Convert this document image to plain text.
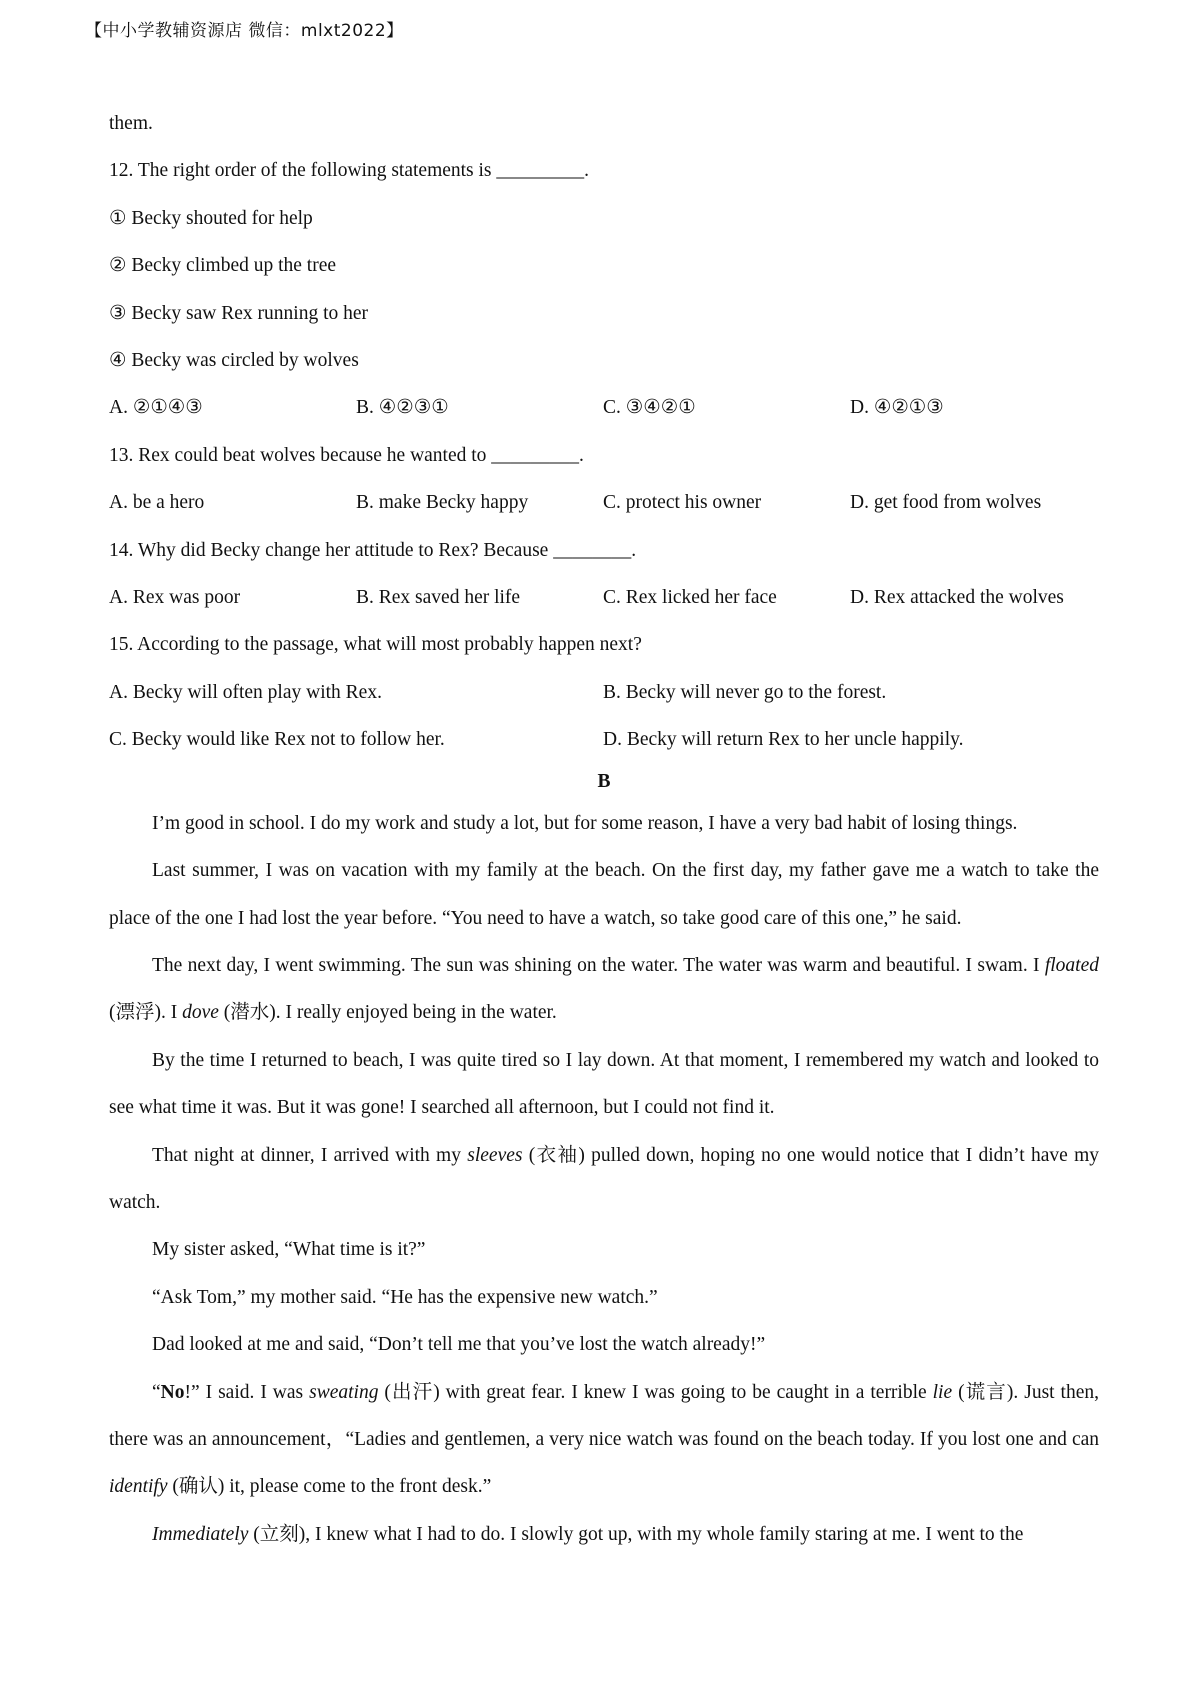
【中小学教辅资源店 微信：mlxt2022】

them.

12. The right order of the following statements is _________.

① Becky shouted for help

② Becky climbed up the tree

③ Becky saw Rex running to her

④ Becky was circled by wolves

A. ②①④③	B. ④②③①	C. ③④②①	D. ④②①③

13. Rex could beat wolves because he wanted to _________.

A. be a hero	B. make Becky happy	C. protect his owner	D. get food from wolves

14. Why did Becky change her attitude to Rex? Because ________.

A. Rex was poor	B. Rex saved her life	C. Rex licked her face	D. Rex attacked the wolves

15. According to the passage, what will most probably happen next?

A. Becky will often play with Rex.	B. Becky will never go to the forest.
C. Becky would like Rex not to follow her.	D. Becky will return Rex to her uncle happily.

B

I’m good in school. I do my work and study a lot, but for some reason, I have a very bad habit of losing things.

Last summer, I was on vacation with my family at the beach. On the first day, my father gave me a watch to take the place of the one I had lost the year before. “You need to have a watch, so take good care of this one,” he said.

The next day, I went swimming. The sun was shining on the water. The water was warm and beautiful. I swam. I floated (漂浮). I dove (潜水). I really enjoyed being in the water.

By the time I returned to beach, I was quite tired so I lay down. At that moment, I remembered my watch and looked to see what time it was. But it was gone! I searched all afternoon, but I could not find it.

That night at dinner, I arrived with my sleeves (衣袖) pulled down, hoping no one would notice that I didn’t have my watch.

My sister asked, “What time is it?”

“Ask Tom,” my mother said. “He has the expensive new watch.”

Dad looked at me and said, “Don’t tell me that you’ve lost the watch already!”

“No!” I said. I was sweating (出汗) with great fear. I knew I was going to be caught in a terrible lie (谎言). Just then, there was an announcement，“Ladies and gentlemen, a very nice watch was found on the beach today. If you lost one and can identify (确认) it, please come to the front desk.”

Immediately (立刻), I knew what I had to do. I slowly got up, with my whole family staring at me. I went to the
